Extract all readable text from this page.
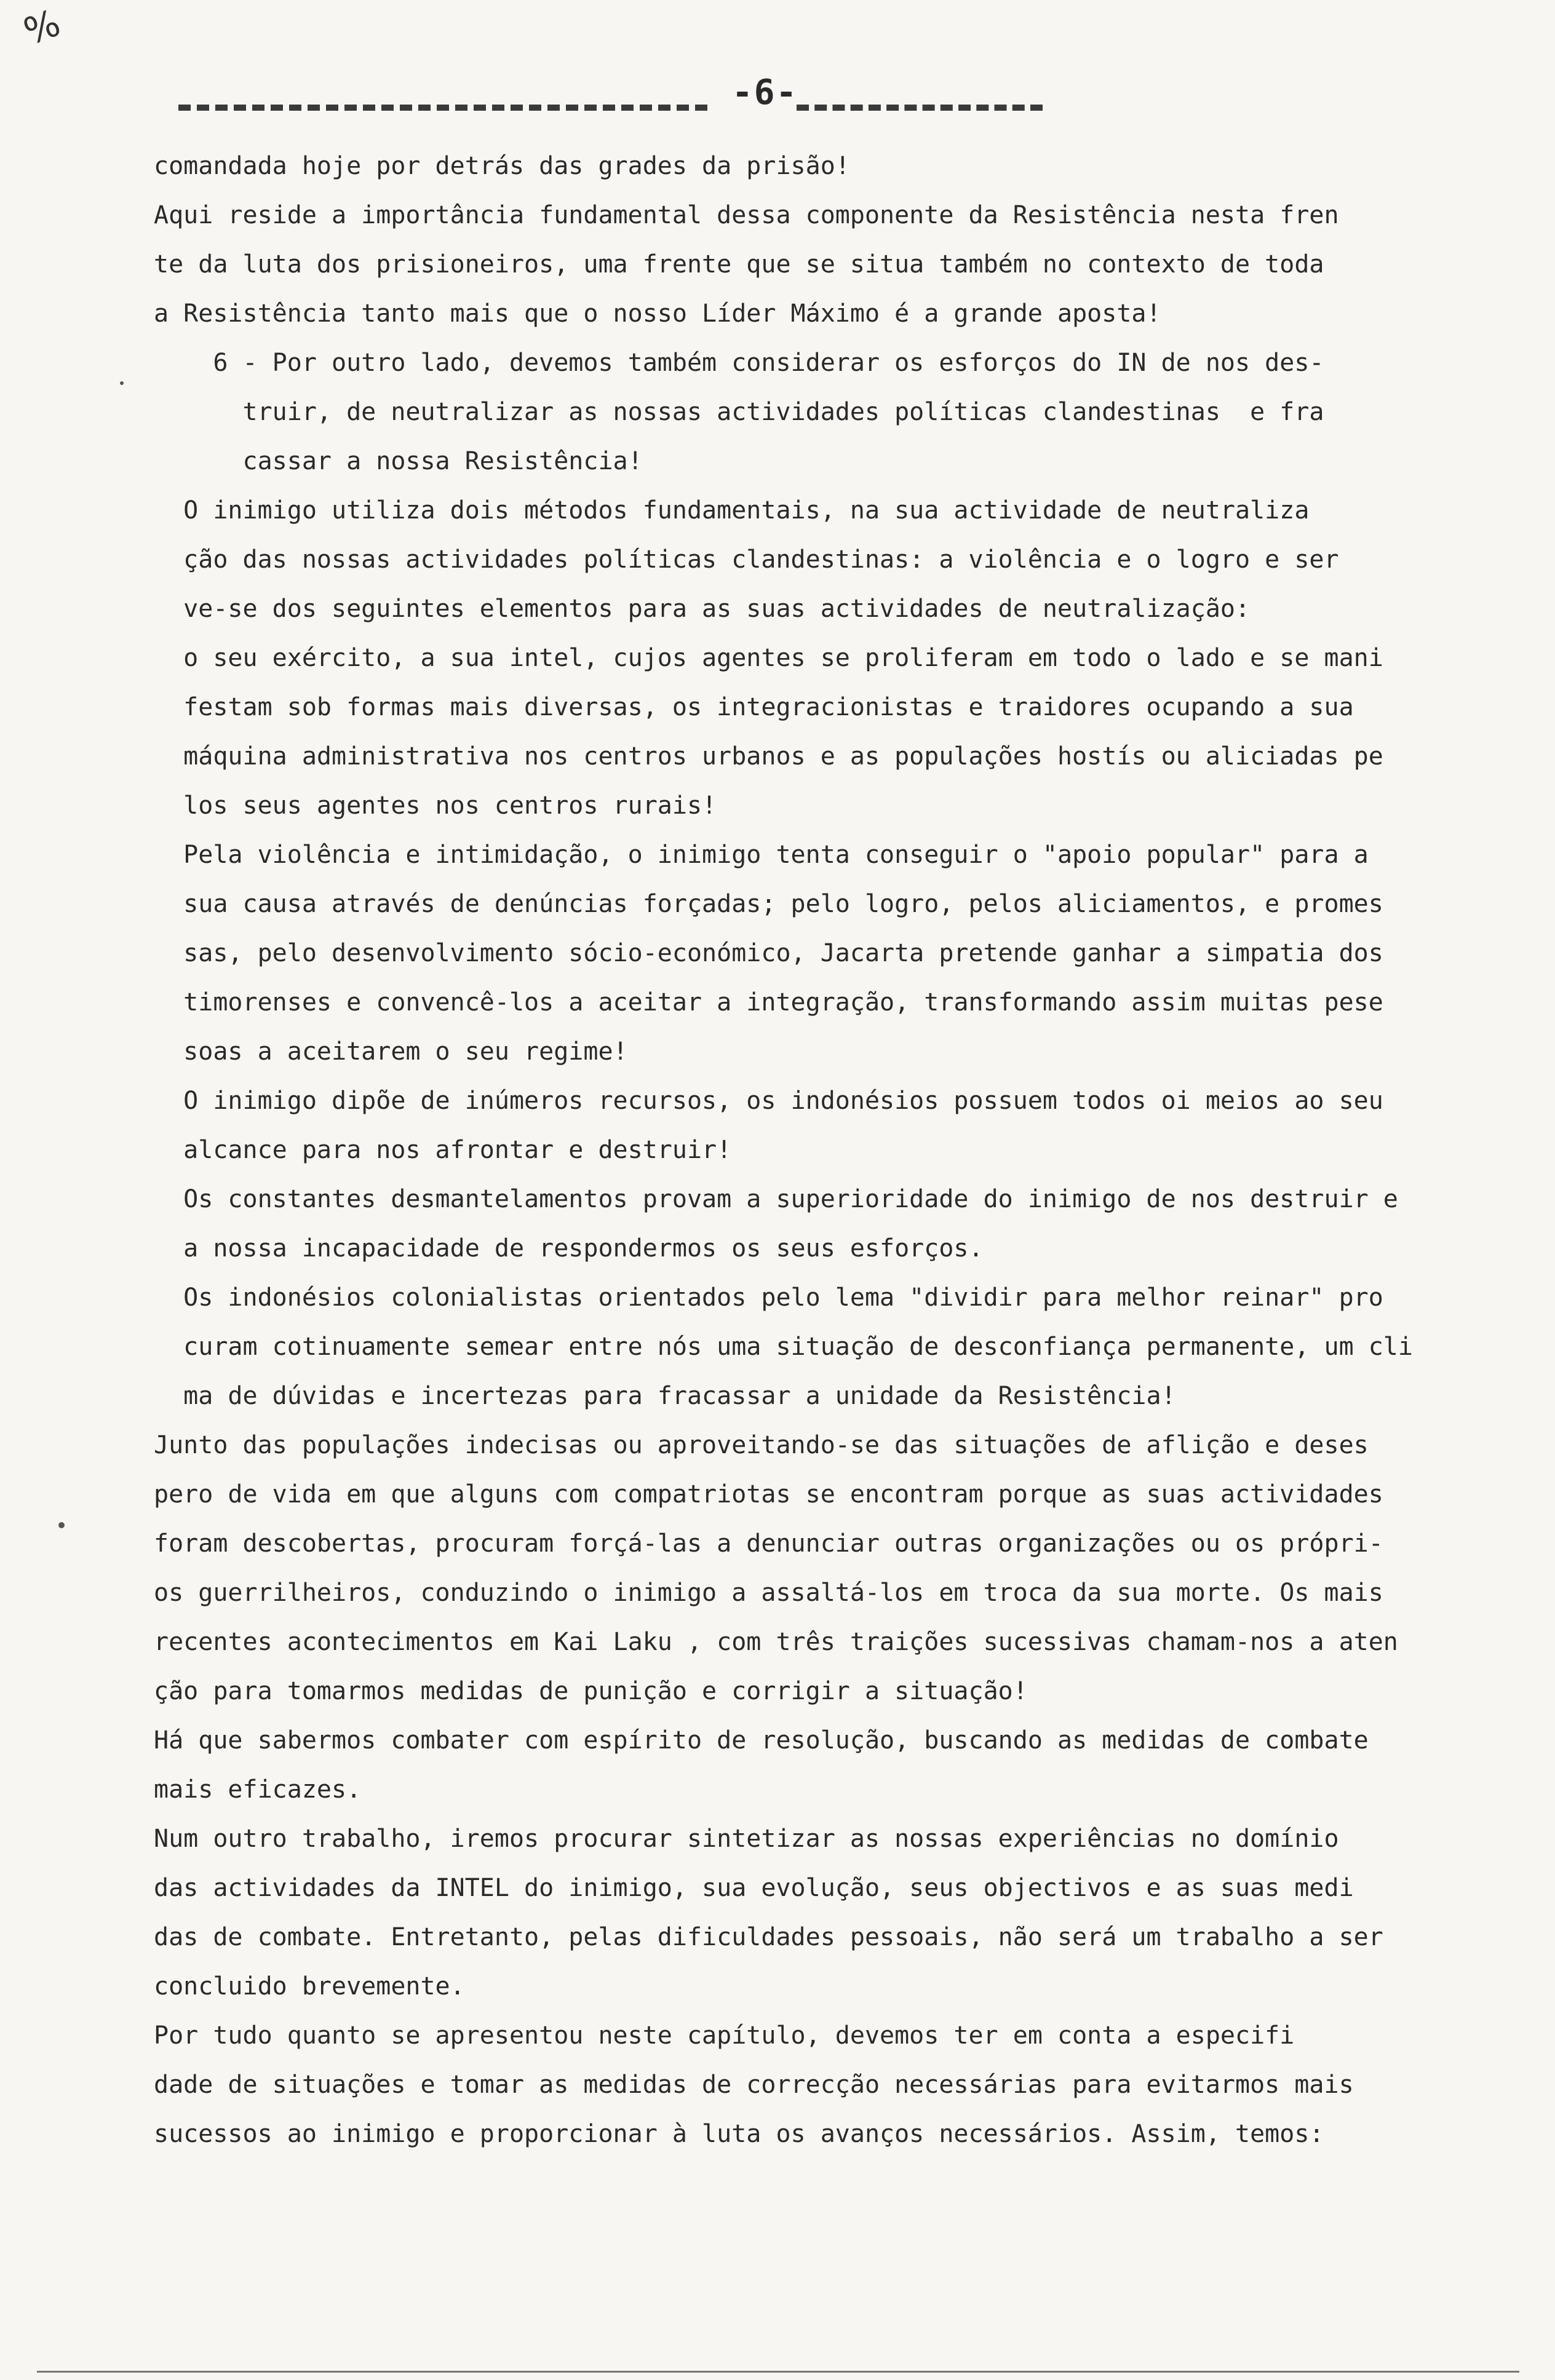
%
-6-
comandada hoje por detrás das grades da prisão!
Aqui reside a importância fundamental dessa componente da Resistência nesta fren
te da luta dos prisioneiros, uma frente que se situa também no contexto de toda
a Resistência tanto mais que o nosso Líder Máximo é a grande aposta!
6 - Por outro lado, devemos também considerar os esforços do IN de nos des-
truir, de neutralizar as nossas actividades políticas clandestinas  e fra
cassar a nossa Resistência!
O inimigo utiliza dois métodos fundamentais, na sua actividade de neutraliza
ção das nossas actividades políticas clandestinas: a violência e o logro e ser
ve-se dos seguintes elementos para as suas actividades de neutralização:
o seu exército, a sua intel, cujos agentes se proliferam em todo o lado e se mani
festam sob formas mais diversas, os integracionistas e traidores ocupando a sua
máquina administrativa nos centros urbanos e as populações hostís ou aliciadas pe
los seus agentes nos centros rurais!
Pela violência e intimidação, o inimigo tenta conseguir o "apoio popular" para a
sua causa através de denúncias forçadas; pelo logro, pelos aliciamentos, e promes
sas, pelo desenvolvimento sócio-económico, Jacarta pretende ganhar a simpatia dos
timorenses e convencê-los a aceitar a integração, transformando assim muitas pese
soas a aceitarem o seu regime!
O inimigo dipõe de inúmeros recursos, os indonésios possuem todos oi meios ao seu
alcance para nos afrontar e destruir!
Os constantes desmantelamentos provam a superioridade do inimigo de nos destruir e
a nossa incapacidade de respondermos os seus esforços.
Os indonésios colonialistas orientados pelo lema "dividir para melhor reinar" pro
curam cotinuamente semear entre nós uma situação de desconfiança permanente, um cli
ma de dúvidas e incertezas para fracassar a unidade da Resistência!
Junto das populações indecisas ou aproveitando-se das situações de aflição e deses
pero de vida em que alguns com compatriotas se encontram porque as suas actividades
foram descobertas, procuram forçá-las a denunciar outras organizações ou os própri-
os guerrilheiros, conduzindo o inimigo a assaltá-los em troca da sua morte. Os mais
recentes acontecimentos em Kai Laku , com três traições sucessivas chamam-nos a aten
ção para tomarmos medidas de punição e corrigir a situação!
Há que sabermos combater com espírito de resolução, buscando as medidas de combate
mais eficazes.
Num outro trabalho, iremos procurar sintetizar as nossas experiências no domínio
das actividades da INTEL do inimigo, sua evolução, seus objectivos e as suas medi
das de combate. Entretanto, pelas dificuldades pessoais, não será um trabalho a ser
concluido brevemente.
Por tudo quanto se apresentou neste capítulo, devemos ter em conta a especifi
dade de situações e tomar as medidas de correcção necessárias para evitarmos mais
sucessos ao inimigo e proporcionar à luta os avanços necessários. Assim, temos:
